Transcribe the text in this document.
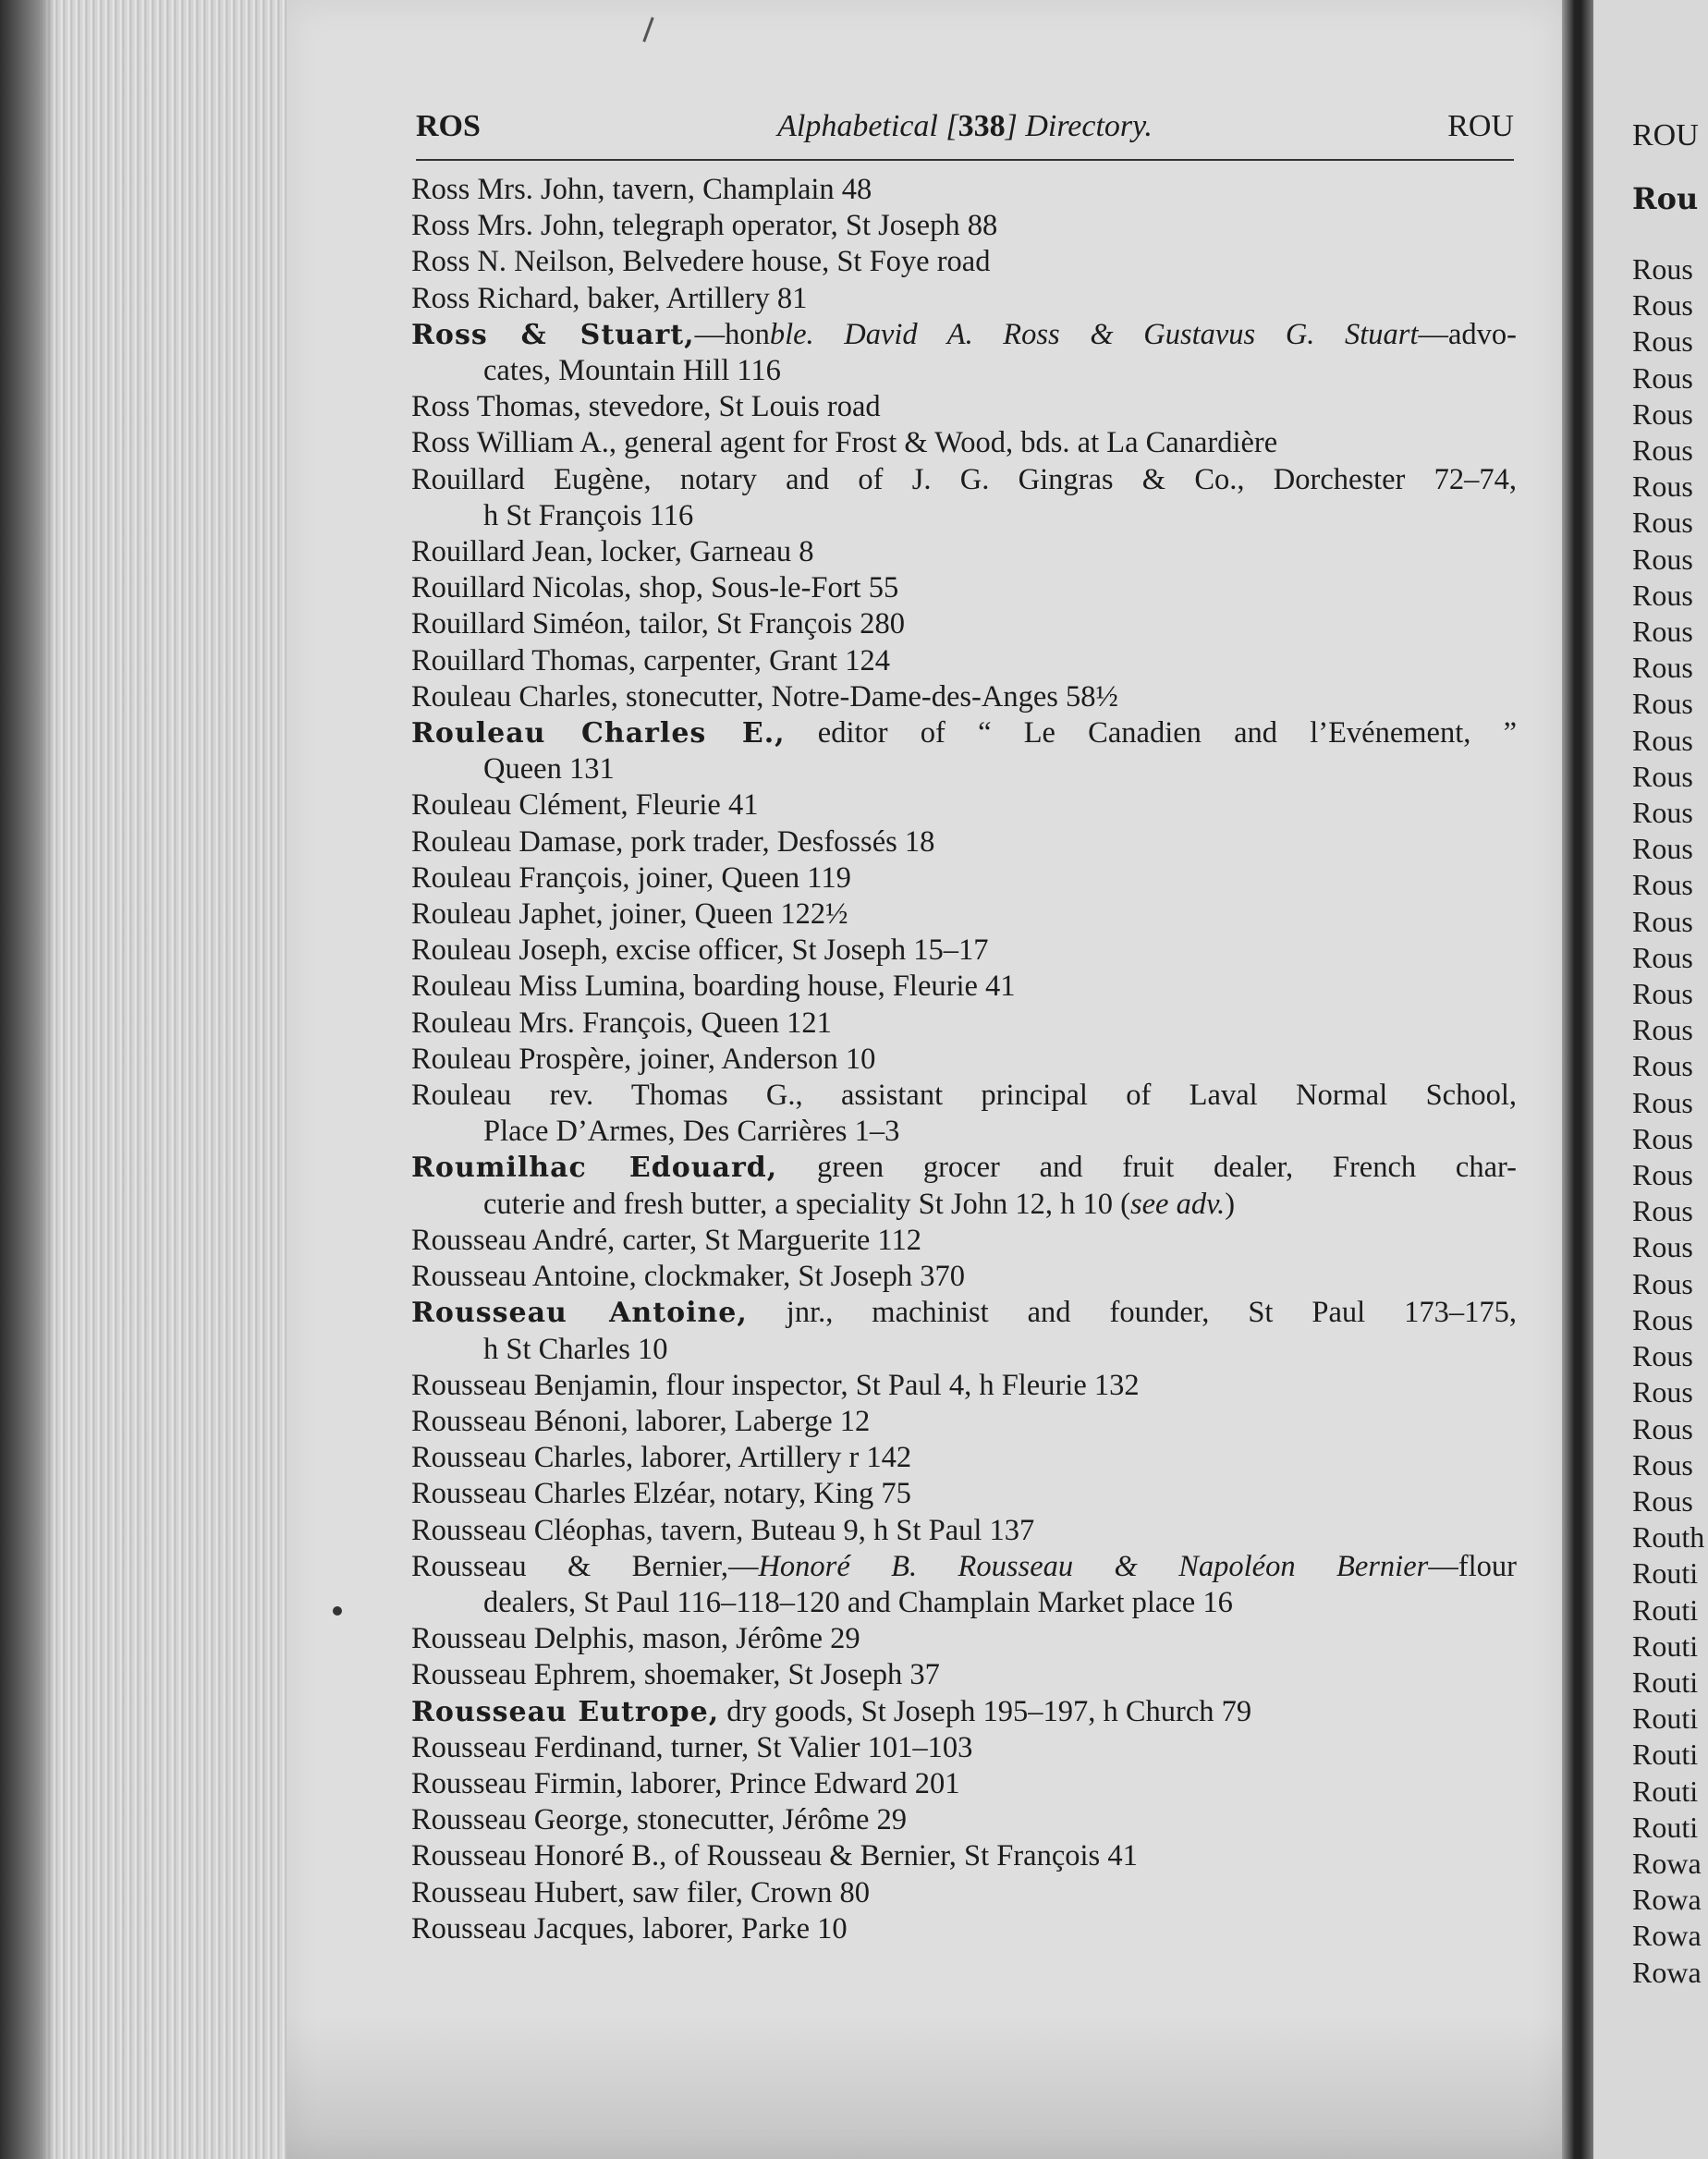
ROU
Rou
Rous
Rous
Rous
Rous
Rous
Rous
Rous
Rous
Rous
Rous
Rous
Rous
Rous
Rous
Rous
Rous
Rous
Rous
Rous
Rous
Rous
Rous
Rous
Rous
Rous
Rous
Rous
Rous
Rous
Rous
Rous
Rous
Rous
Rous
Rous
Routh
Routi
Routi
Routi
Routi
Routi
Routi
Routi
Routi
Rowa
Rowa
Rowa
Rowa
ROS	Alphabetical [338] Directory.	ROU
Ross Mrs. John, tavern, Champlain 48
Ross Mrs. John, telegraph operator, St Joseph 88
Ross N. Neilson, Belvedere house, St Foye road
Ross Richard, baker, Artillery 81
Ross & Stuart,—honble. David A. Ross & Gustavus G. Stuart—advo-
cates, Mountain Hill 116
Ross Thomas, stevedore, St Louis road
Ross William A., general agent for Frost & Wood, bds. at La Canardière
Rouillard Eugène, notary and of J. G. Gingras & Co., Dorchester 72–74,
h St François 116
Rouillard Jean, locker, Garneau 8
Rouillard Nicolas, shop, Sous-le-Fort 55
Rouillard Siméon, tailor, St François 280
Rouillard Thomas, carpenter, Grant 124
Rouleau Charles, stonecutter, Notre-Dame-des-Anges 58½
Rouleau Charles E., editor of “ Le Canadien and l’Evénement, ”
Queen 131
Rouleau Clément, Fleurie 41
Rouleau Damase, pork trader, Desfossés 18
Rouleau François, joiner, Queen 119
Rouleau Japhet, joiner, Queen 122½
Rouleau Joseph, excise officer, St Joseph 15–17
Rouleau Miss Lumina, boarding house, Fleurie 41
Rouleau Mrs. François, Queen 121
Rouleau Prospère, joiner, Anderson 10
Rouleau rev. Thomas G., assistant principal of Laval Normal School,
Place D’Armes, Des Carrières 1–3
Roumilhac Edouard, green grocer and fruit dealer, French char-
cuterie and fresh butter, a speciality St John 12, h 10 (see adv.)
Rousseau André, carter, St Marguerite 112
Rousseau Antoine, clockmaker, St Joseph 370
Rousseau Antoine, jnr., machinist and founder, St Paul 173–175,
h St Charles 10
Rousseau Benjamin, flour inspector, St Paul 4, h Fleurie 132
Rousseau Bénoni, laborer, Laberge 12
Rousseau Charles, laborer, Artillery r 142
Rousseau Charles Elzéar, notary, King 75
Rousseau Cléophas, tavern, Buteau 9, h St Paul 137
Rousseau & Bernier,—Honoré B. Rousseau & Napoléon Bernier—flour
dealers, St Paul 116–118–120 and Champlain Market place 16
Rousseau Delphis, mason, Jérôme 29
Rousseau Ephrem, shoemaker, St Joseph 37
Rousseau Eutrope, dry goods, St Joseph 195–197, h Church 79
Rousseau Ferdinand, turner, St Valier 101–103
Rousseau Firmin, laborer, Prince Edward 201
Rousseau George, stonecutter, Jérôme 29
Rousseau Honoré B., of Rousseau & Bernier, St François 41
Rousseau Hubert, saw filer, Crown 80
Rousseau Jacques, laborer, Parke 10
